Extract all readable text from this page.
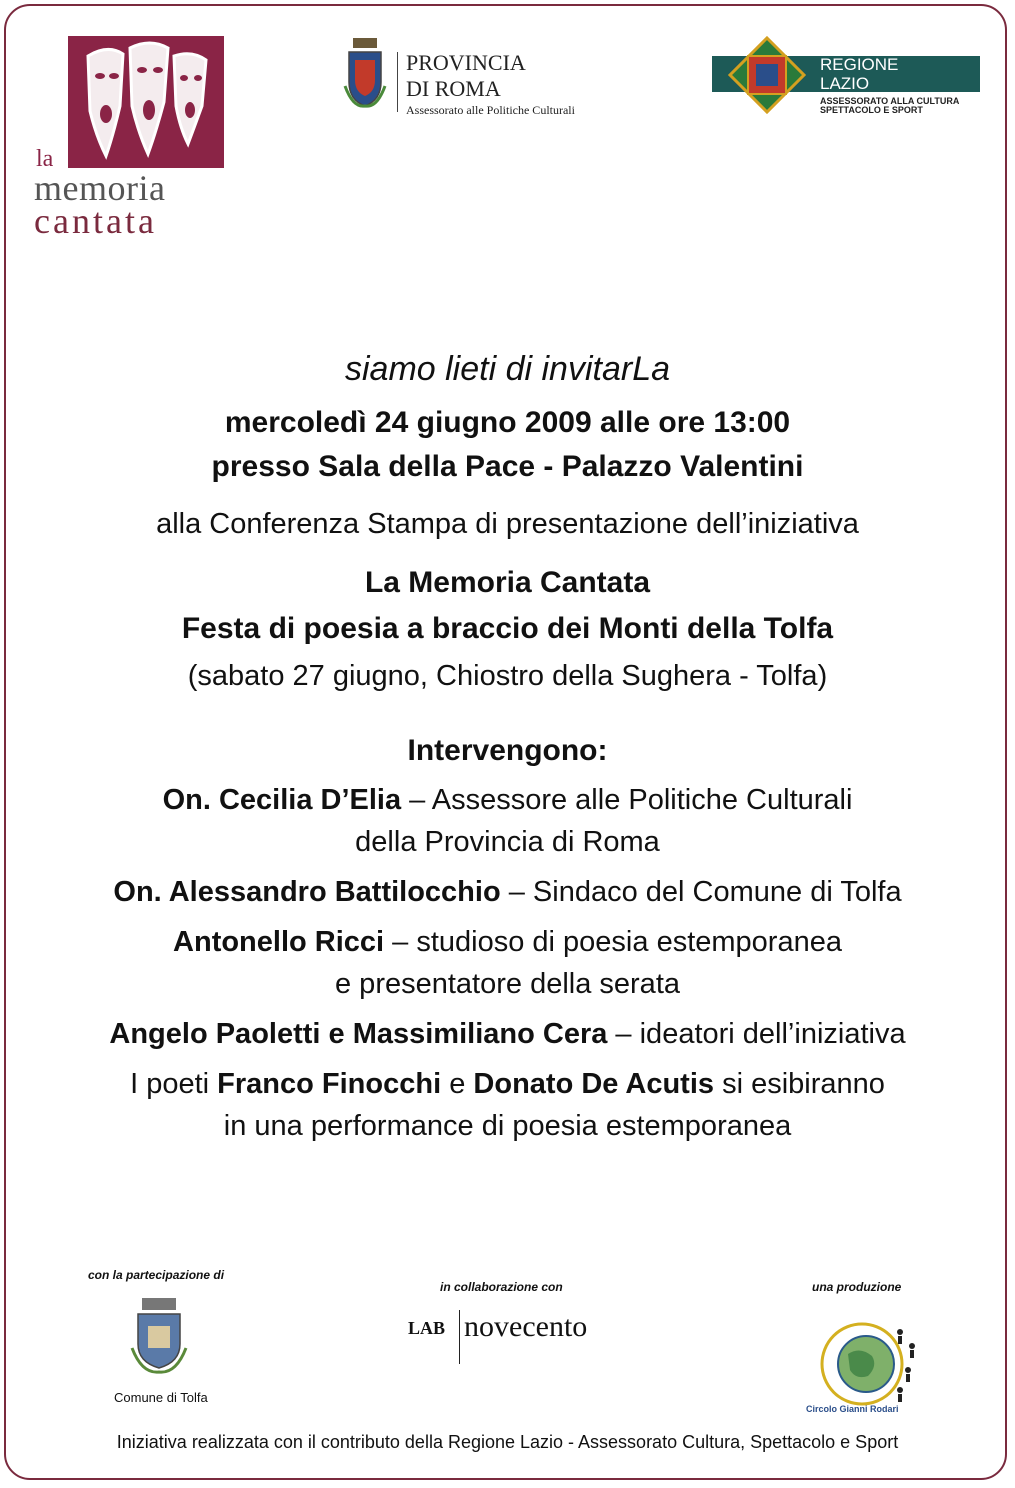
la
memoria
cantata
PROVINCIA
DI ROMA
Assessorato alle Politiche Culturali
REGIONE
LAZIO
ASSESSORATO ALLA CULTURA
SPETTACOLO E SPORT
siamo lieti di invitarLa
mercoledì 24 giugno 2009 alle ore 13:00
presso Sala della Pace - Palazzo Valentini
alla Conferenza Stampa di presentazione dell’iniziativa
La Memoria Cantata
Festa di poesia a braccio dei Monti della Tolfa
(sabato 27 giugno, Chiostro della Sughera - Tolfa)
Intervengono:
On. Cecilia D’Elia – Assessore alle Politiche Culturali
della Provincia di Roma
On. Alessandro Battilocchio – Sindaco del Comune di Tolfa
Antonello Ricci – studioso di poesia estemporanea
e presentatore della serata
Angelo Paoletti e Massimiliano Cera – ideatori dell’iniziativa
I poeti Franco Finocchi e Donato De Acutis si esibiranno
in una performance di poesia estemporanea
con la partecipazione di
Comune di Tolfa
in collaborazione con
LAB novecento
una produzione
Circolo Gianni Rodari
Iniziativa realizzata con il contributo della Regione Lazio - Assessorato Cultura, Spettacolo e Sport
